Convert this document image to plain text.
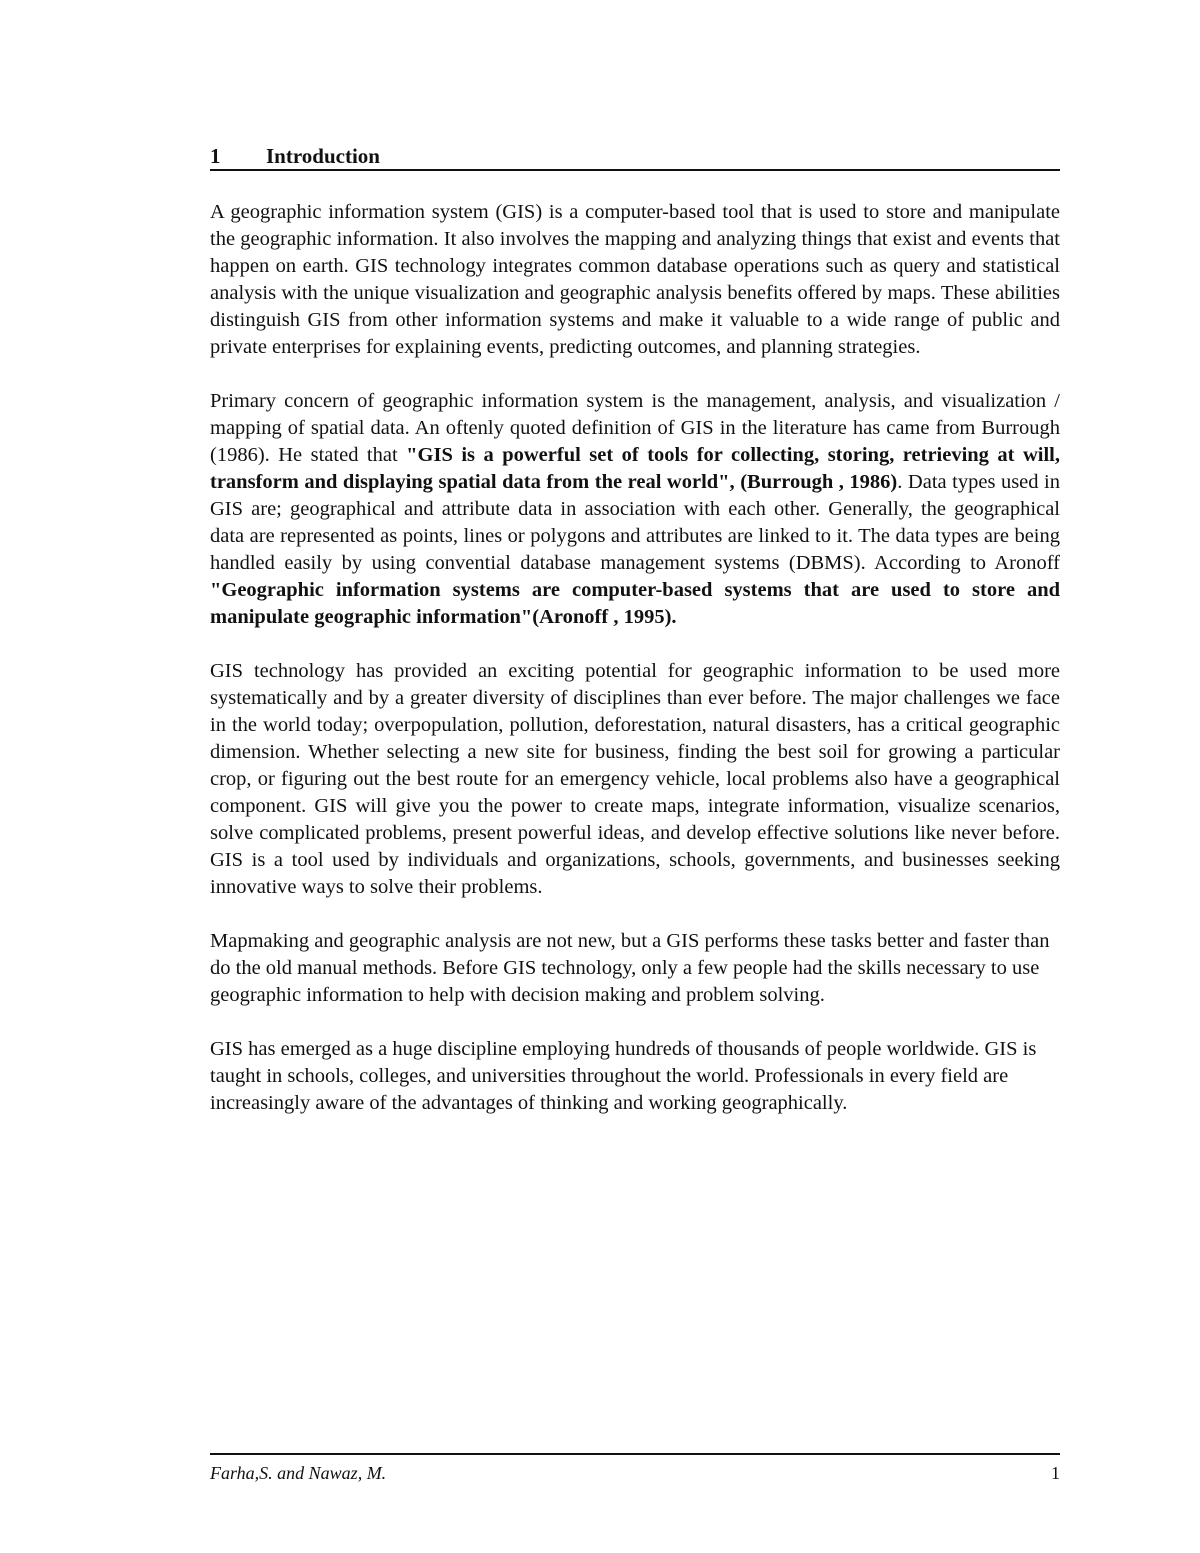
1 Introduction

A geographic information system (GIS) is a computer-based tool that is used to store and manipulate the geographic information. It also involves the mapping and analyzing things that exist and events that happen on earth. GIS technology integrates common database operations such as query and statistical analysis with the unique visualization and geographic analysis benefits offered by maps. These abilities distinguish GIS from other information systems and make it valuable to a wide range of public and private enterprises for explaining events, predicting outcomes, and planning strategies.

Primary concern of geographic information system is the management, analysis, and visualization / mapping of spatial data. An oftenly quoted definition of GIS in the literature has came from Burrough (1986). He stated that "GIS is a powerful set of tools for collecting, storing, retrieving at will, transform and displaying spatial data from the real world", (Burrough , 1986). Data types used in GIS are; geographical and attribute data in association with each other. Generally, the geographical data are represented as points, lines or polygons and attributes are linked to it. The data types are being handled easily by using convential database management systems (DBMS). According to Aronoff "Geographic information systems are computer-based systems that are used to store and manipulate geographic information"(Aronoff , 1995).

GIS technology has provided an exciting potential for geographic information to be used more systematically and by a greater diversity of disciplines than ever before. The major challenges we face in the world today; overpopulation, pollution, deforestation, natural disasters, has a critical geographic dimension. Whether selecting a new site for business, finding the best soil for growing a particular crop, or figuring out the best route for an emergency vehicle, local problems also have a geographical component. GIS will give you the power to create maps, integrate information, visualize scenarios, solve complicated problems, present powerful ideas, and develop effective solutions like never before. GIS is a tool used by individuals and organizations, schools, governments, and businesses seeking innovative ways to solve their problems.

Mapmaking and geographic analysis are not new, but a GIS performs these tasks better and faster than do the old manual methods. Before GIS technology, only a few people had the skills necessary to use geographic information to help with decision making and problem solving.

GIS has emerged as a huge discipline employing hundreds of thousands of people worldwide. GIS is taught in schools, colleges, and universities throughout the world. Professionals in every field are increasingly aware of the advantages of thinking and working geographically.

Farha,S. and Nawaz, M.	1
